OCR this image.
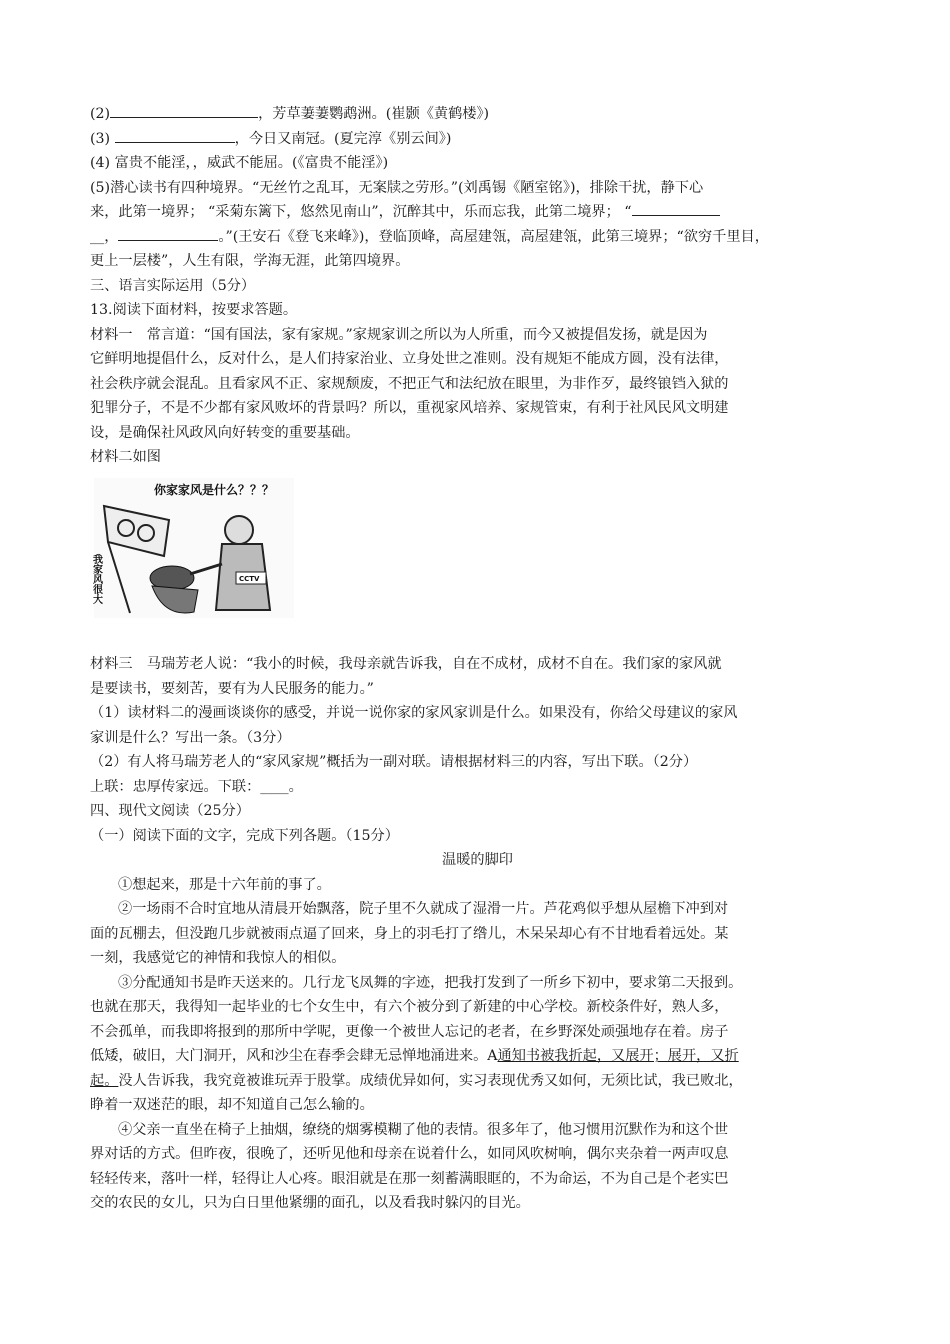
(2)	，芳草萋萋鹦鹉洲。(崔颢《黄鹤楼》)
(3)	，今日又南冠。(夏完淳《别云间》)
(4) 富贵不能淫，，威武不能屈。(《富贵不能淫》)
(5)潜心读书有四种境界。“无丝竹之乱耳，无案牍之劳形。”(刘禹锡《陋室铭》)，排除干扰，静下心
来，此第一境界； “采菊东篱下，悠然见南山”，沉醉其中，乐而忘我，此第二境界； “
__，	。”(王安石《登飞来峰》)，登临顶峰，高屋建瓴，高屋建瓴，此第三境界；“欲穷千里目，
更上一层楼”，人生有限，学海无涯，此第四境界。
三、语言实际运用（5分）
13.阅读下面材料，按要求答题。
材料一　常言道：“国有国法，家有家规。”家规家训之所以为人所重，而今又被提倡发扬，就是因为
它鲜明地提倡什么，反对什么，是人们持家治业、立身处世之准则。没有规矩不能成方圆，没有法律，
社会秩序就会混乱。且看家风不正、家规颓废，不把正气和法纪放在眼里，为非作歹，最终锒铛入狱的
犯罪分子，不是不少都有家风败坏的背景吗？所以，重视家风培养、家规管束，有利于社风民风文明建
设，是确保社风政风向好转变的重要基础。
材料二如图
你家家风是什么？？？
我家风很大	CCTV
材料三　马瑞芳老人说：“我小的时候，我母亲就告诉我，自在不成材，成材不自在。我们家的家风就
是要读书，要刻苦，要有为人民服务的能力。”
（1）读材料二的漫画谈谈你的感受，并说一说你家的家风家训是什么。如果没有，你给父母建议的家风
家训是什么？写出一条。（3分）
（2）有人将马瑞芳老人的“家风家规”概括为一副对联。请根据材料三的内容，写出下联。（2分）
上联：忠厚传家远。下联：____。
四、现代文阅读（25分）
（一）阅读下面的文字，完成下列各题。（15分）
温暖的脚印
①想起来，那是十六年前的事了。
②一场雨不合时宜地从清晨开始飘落，院子里不久就成了湿滑一片。芦花鸡似乎想从屋檐下冲到对
面的瓦棚去，但没跑几步就被雨点逼了回来，身上的羽毛打了绺儿，木呆呆却心有不甘地看着远处。某
一刻，我感觉它的神情和我惊人的相似。
③分配通知书是昨天送来的。几行龙飞凤舞的字迹，把我打发到了一所乡下初中，要求第二天报到。
也就在那天，我得知一起毕业的七个女生中，有六个被分到了新建的中心学校。新校条件好，熟人多，
不会孤单，而我即将报到的那所中学呢，更像一个被世人忘记的老者，在乡野深处顽强地存在着。房子
低矮，破旧，大门洞开，风和沙尘在春季会肆无忌惮地涌进来。A通知书被我折起，又展开；展开，又折
起。没人告诉我，我究竟被谁玩弄于股掌。成绩优异如何，实习表现优秀又如何，无须比试，我已败北，
睁着一双迷茫的眼，却不知道自己怎么输的。
④父亲一直坐在椅子上抽烟，缭绕的烟雾模糊了他的表情。很多年了，他习惯用沉默作为和这个世
界对话的方式。但昨夜，很晚了，还听见他和母亲在说着什么，如同风吹树响，偶尔夹杂着一两声叹息
轻轻传来，落叶一样，轻得让人心疼。眼泪就是在那一刻蓄满眼眶的，不为命运，不为自己是个老实巴
交的农民的女儿，只为白日里他紧绷的面孔，以及看我时躲闪的目光。
